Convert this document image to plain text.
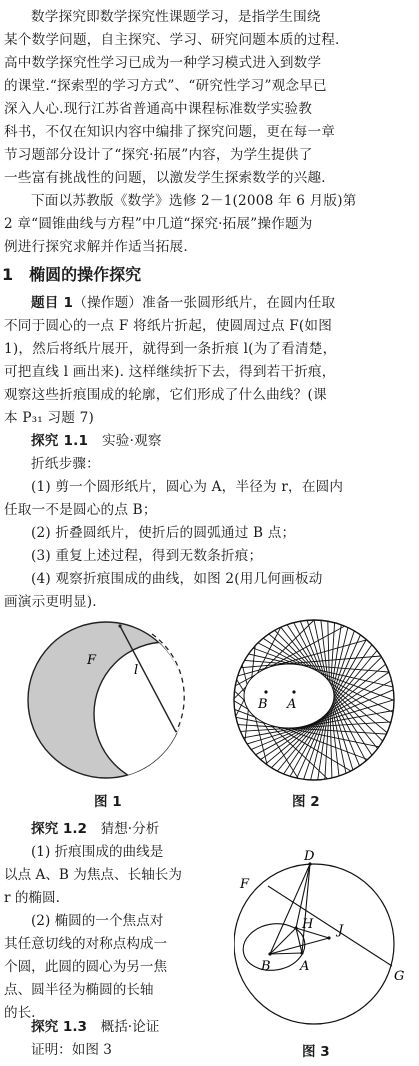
数学探究即数学探究性课题学习，是指学生围绕
某个数学问题，自主探究、学习、研究问题本质的过程.
高中数学探究性学习已成为一种学习模式进入到数学
的课堂.“探索型的学习方式”、“研究性学习”观念早已
深入人心.现行江苏省普通高中课程标准数学实验教
科书，不仅在知识内容中编排了探究问题，更在每一章
节习题部分设计了“探究·拓展”内容，为学生提供了
一些富有挑战性的问题，以激发学生探索数学的兴趣.
下面以苏教版《数学》选修 2－1(2008 年 6 月版)第
2 章“圆锥曲线与方程”中几道“探究·拓展”操作题为
例进行探究求解并作适当拓展.
1　椭圆的操作探究
题目 1（操作题）准备一张圆形纸片，在圆内任取
不同于圆心的一点 F 将纸片折起，使圆周过点 F(如图
1)，然后将纸片展开，就得到一条折痕 l(为了看清楚，
可把直线 l 画出来). 这样继续折下去，得到若干折痕，
观察这些折痕围成的轮廓，它们形成了什么曲线？(课
本 P₃₁ 习题 7)
探究 1.1　 实验·观察
折纸步骤：
(1) 剪一个圆形纸片，圆心为 A，半径为 r，在圆内
任取一不是圆心的点 B；
(2) 折叠圆纸片，使折后的圆弧通过 B 点；
(3) 重复上述过程，得到无数条折痕；
(4) 观察折痕围成的曲线，如图 2(用几何画板动
画演示更明显).
F
l
图 1
B A
图 2
探究 1.2　 猜想·分析
(1) 折痕围成的曲线是
以点 A、B 为焦点、长轴长为
r 的椭圆.
(2) 椭圆的一个焦点对
其任意切线的对称点构成一
个圆，此圆的圆心为另一焦
点、圆半径为椭圆的长轴
的长.
探究 1.3　 概括·论证
证明：如图 3
D
F
H J
B A
G
图 3
